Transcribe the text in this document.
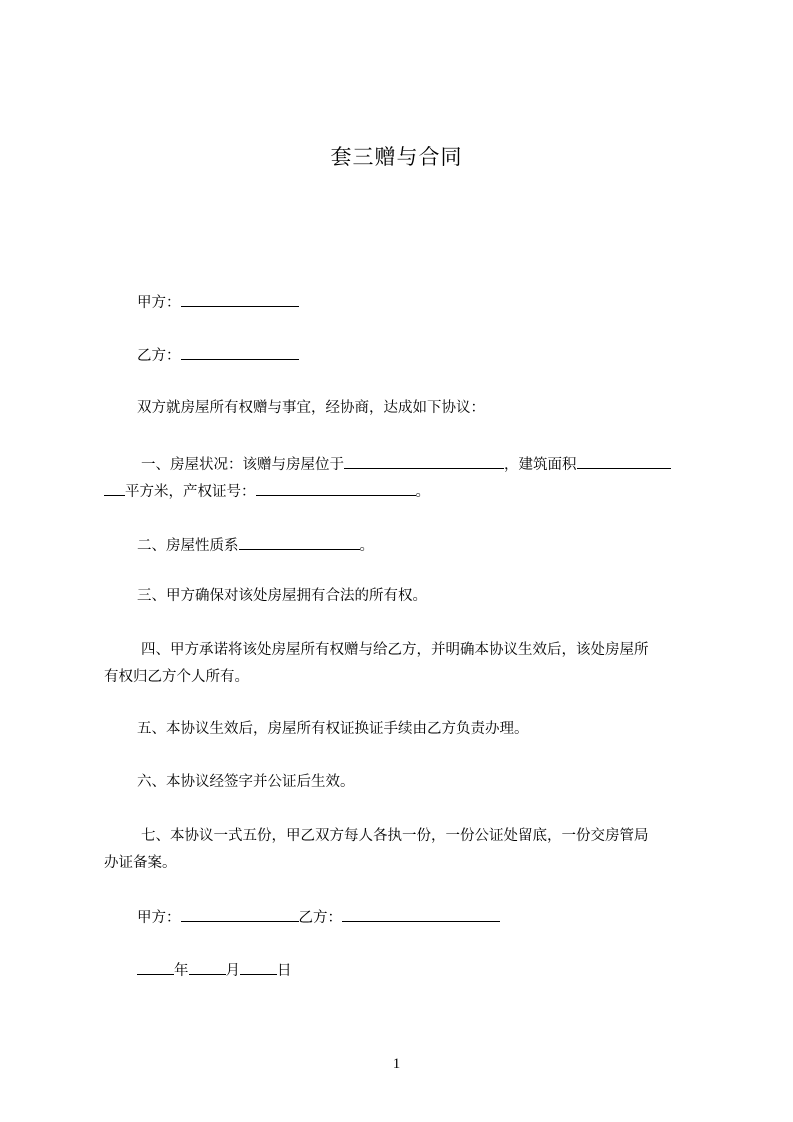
套三赠与合同
甲方：
乙方：
双方就房屋所有权赠与事宜，经协商，达成如下协议：
一、房屋状况：该赠与房屋位于	，建筑面积
平方米，产权证号：	。
二、房屋性质系	。
三、甲方确保对该处房屋拥有合法的所有权。
四、甲方承诺将该处房屋所有权赠与给乙方，并明确本协议生效后，该处房屋所
有权归乙方个人所有。
五、本协议生效后，房屋所有权证换证手续由乙方负责办理。
六、本协议经签字并公证后生效。
七、本协议一式五份，甲乙双方每人各执一份，一份公证处留底，一份交房管局
办证备案。
甲方：	乙方：
年	月	日
1
